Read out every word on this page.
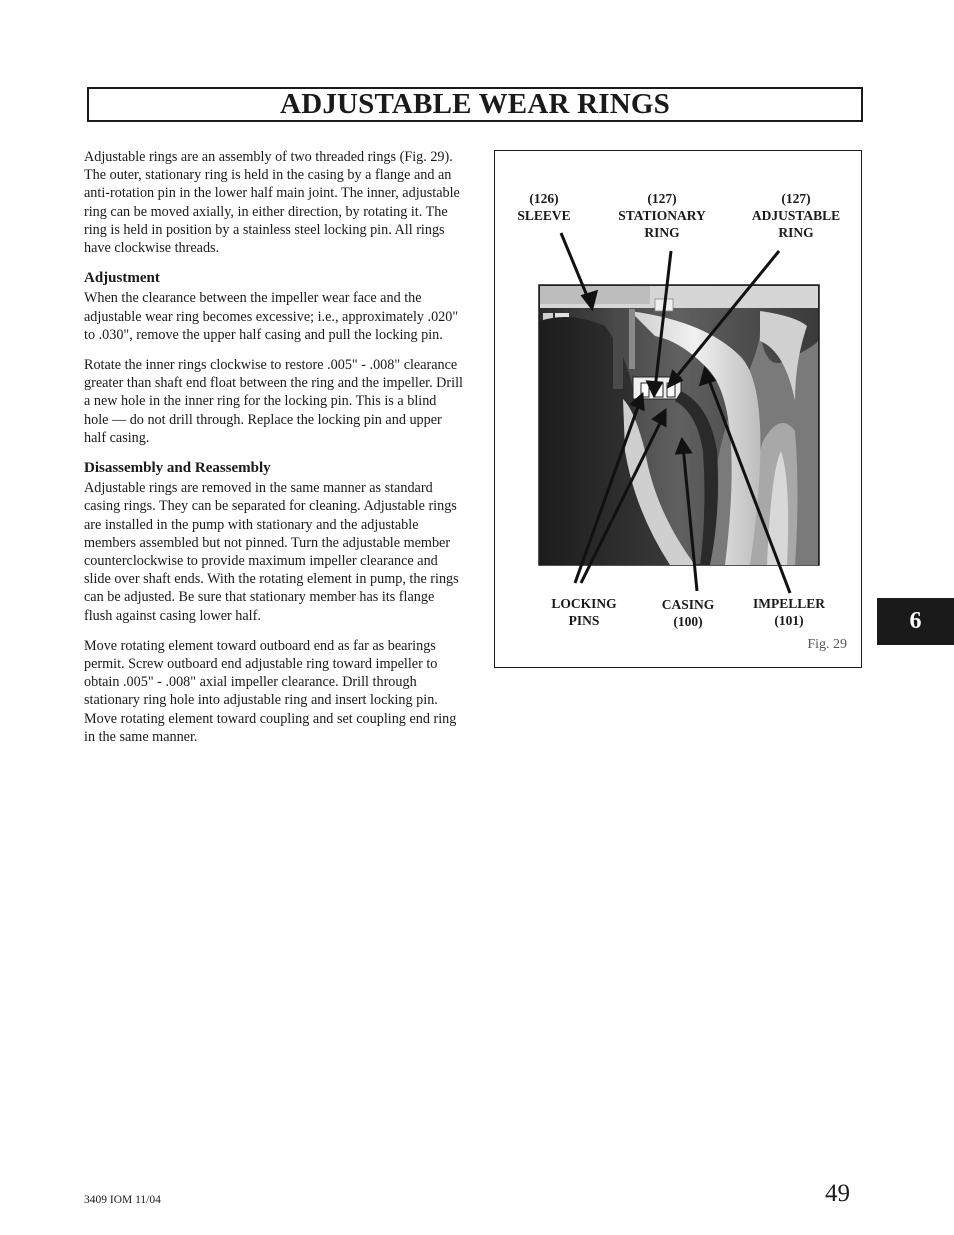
ADJUSTABLE WEAR RINGS

Adjustable rings are an assembly of two threaded rings (Fig. 29). The outer, stationary ring is held in the casing by a flange and an anti-rotation pin in the lower half main joint. The inner, adjustable ring can be moved axially, in either direction, by rotating it. The ring is held in position by a stainless steel locking pin. All rings have clockwise threads.

Adjustment

When the clearance between the impeller wear face and the adjustable wear ring becomes excessive; i.e., approximately .020" to .030", remove the upper half casing and pull the locking pin.

Rotate the inner rings clockwise to restore .005" - .008" clearance greater than shaft end float between the ring and the impeller. Drill a new hole in the inner ring for the locking pin. This is a blind hole — do not drill through. Replace the locking pin and upper half casing.

Disassembly and Reassembly

Adjustable rings are removed in the same manner as standard casing rings. They can be separated for cleaning. Adjustable rings are installed in the pump with stationary and the adjustable members assembled but not pinned. Turn the adjustable member counterclockwise to provide maximum impeller clearance and slide over shaft ends. With the rotating element in pump, the rings can be adjusted. Be sure that stationary member has its flange flush against casing lower half.

Move rotating element toward outboard end as far as bearings permit. Screw outboard end adjustable ring toward impeller to obtain .005" - .008" axial impeller clearance. Drill through stationary ring hole into adjustable ring and insert locking pin. Move rotating element toward coupling and set coupling end ring in the same manner.

(126)
SLEEVE
(127)
STATIONARY
RING
(127)
ADJUSTABLE
RING
LOCKING
PINS
CASING
(100)
IMPELLER
(101)
Fig. 29
6
3409 IOM 11/04	49
